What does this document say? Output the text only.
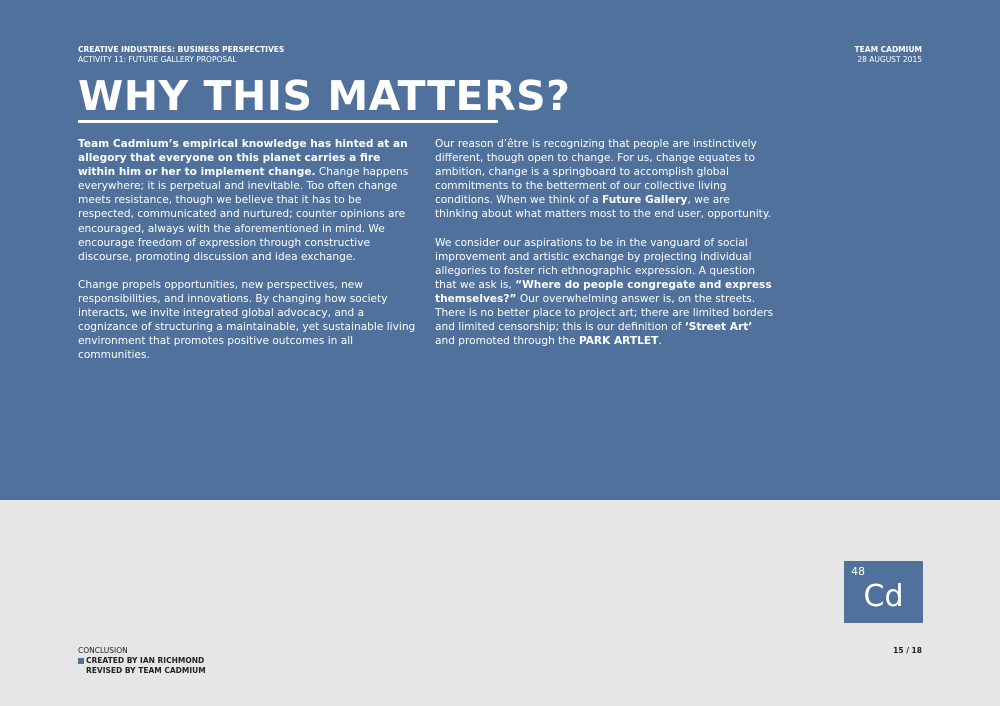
CREATIVE INDUSTRIES: BUSINESS PERSPECTIVES
ACTIVITY 11: FUTURE GALLERY PROPOSAL
TEAM CADMIUM
28 AUGUST 2015
WHY THIS MATTERS?

Team Cadmium’s empirical knowledge has hinted at an allegory that everyone on this planet carries a fire within him or her to implement change. Change happens everywhere; it is perpetual and inevitable. Too often change meets resistance, though we believe that it has to be respected, communicated and nurtured; counter opinions are encouraged, always with the aforementioned in mind. We encourage freedom of expression through constructive discourse, promoting discussion and idea exchange.

Change propels opportunities, new perspectives, new responsibilities, and innovations. By changing how society interacts, we invite integrated global advocacy, and a cognizance of structuring a maintainable, yet sustainable living environment that promotes positive outcomes in all communities.

Our reason d’être is recognizing that people are instinctively different, though open to change. For us, change equates to ambition, change is a springboard to accomplish global commitments to the betterment of our collective living conditions. When we think of a Future Gallery, we are thinking about what matters most to the end user, opportunity.

We consider our aspirations to be in the vanguard of social improvement and artistic exchange by projecting individual allegories to foster rich ethnographic expression. A question that we ask is, “Where do people congregate and express themselves?” Our overwhelming answer is, on the streets. There is no better place to project art; there are limited borders and limited censorship; this is our definition of ‘Street Art’ and promoted through the PARK ARTLET.

48
Cd
CONCLUSION
CREATED BY IAN RICHMOND
REVISED BY TEAM CADMIUM
15 / 18
